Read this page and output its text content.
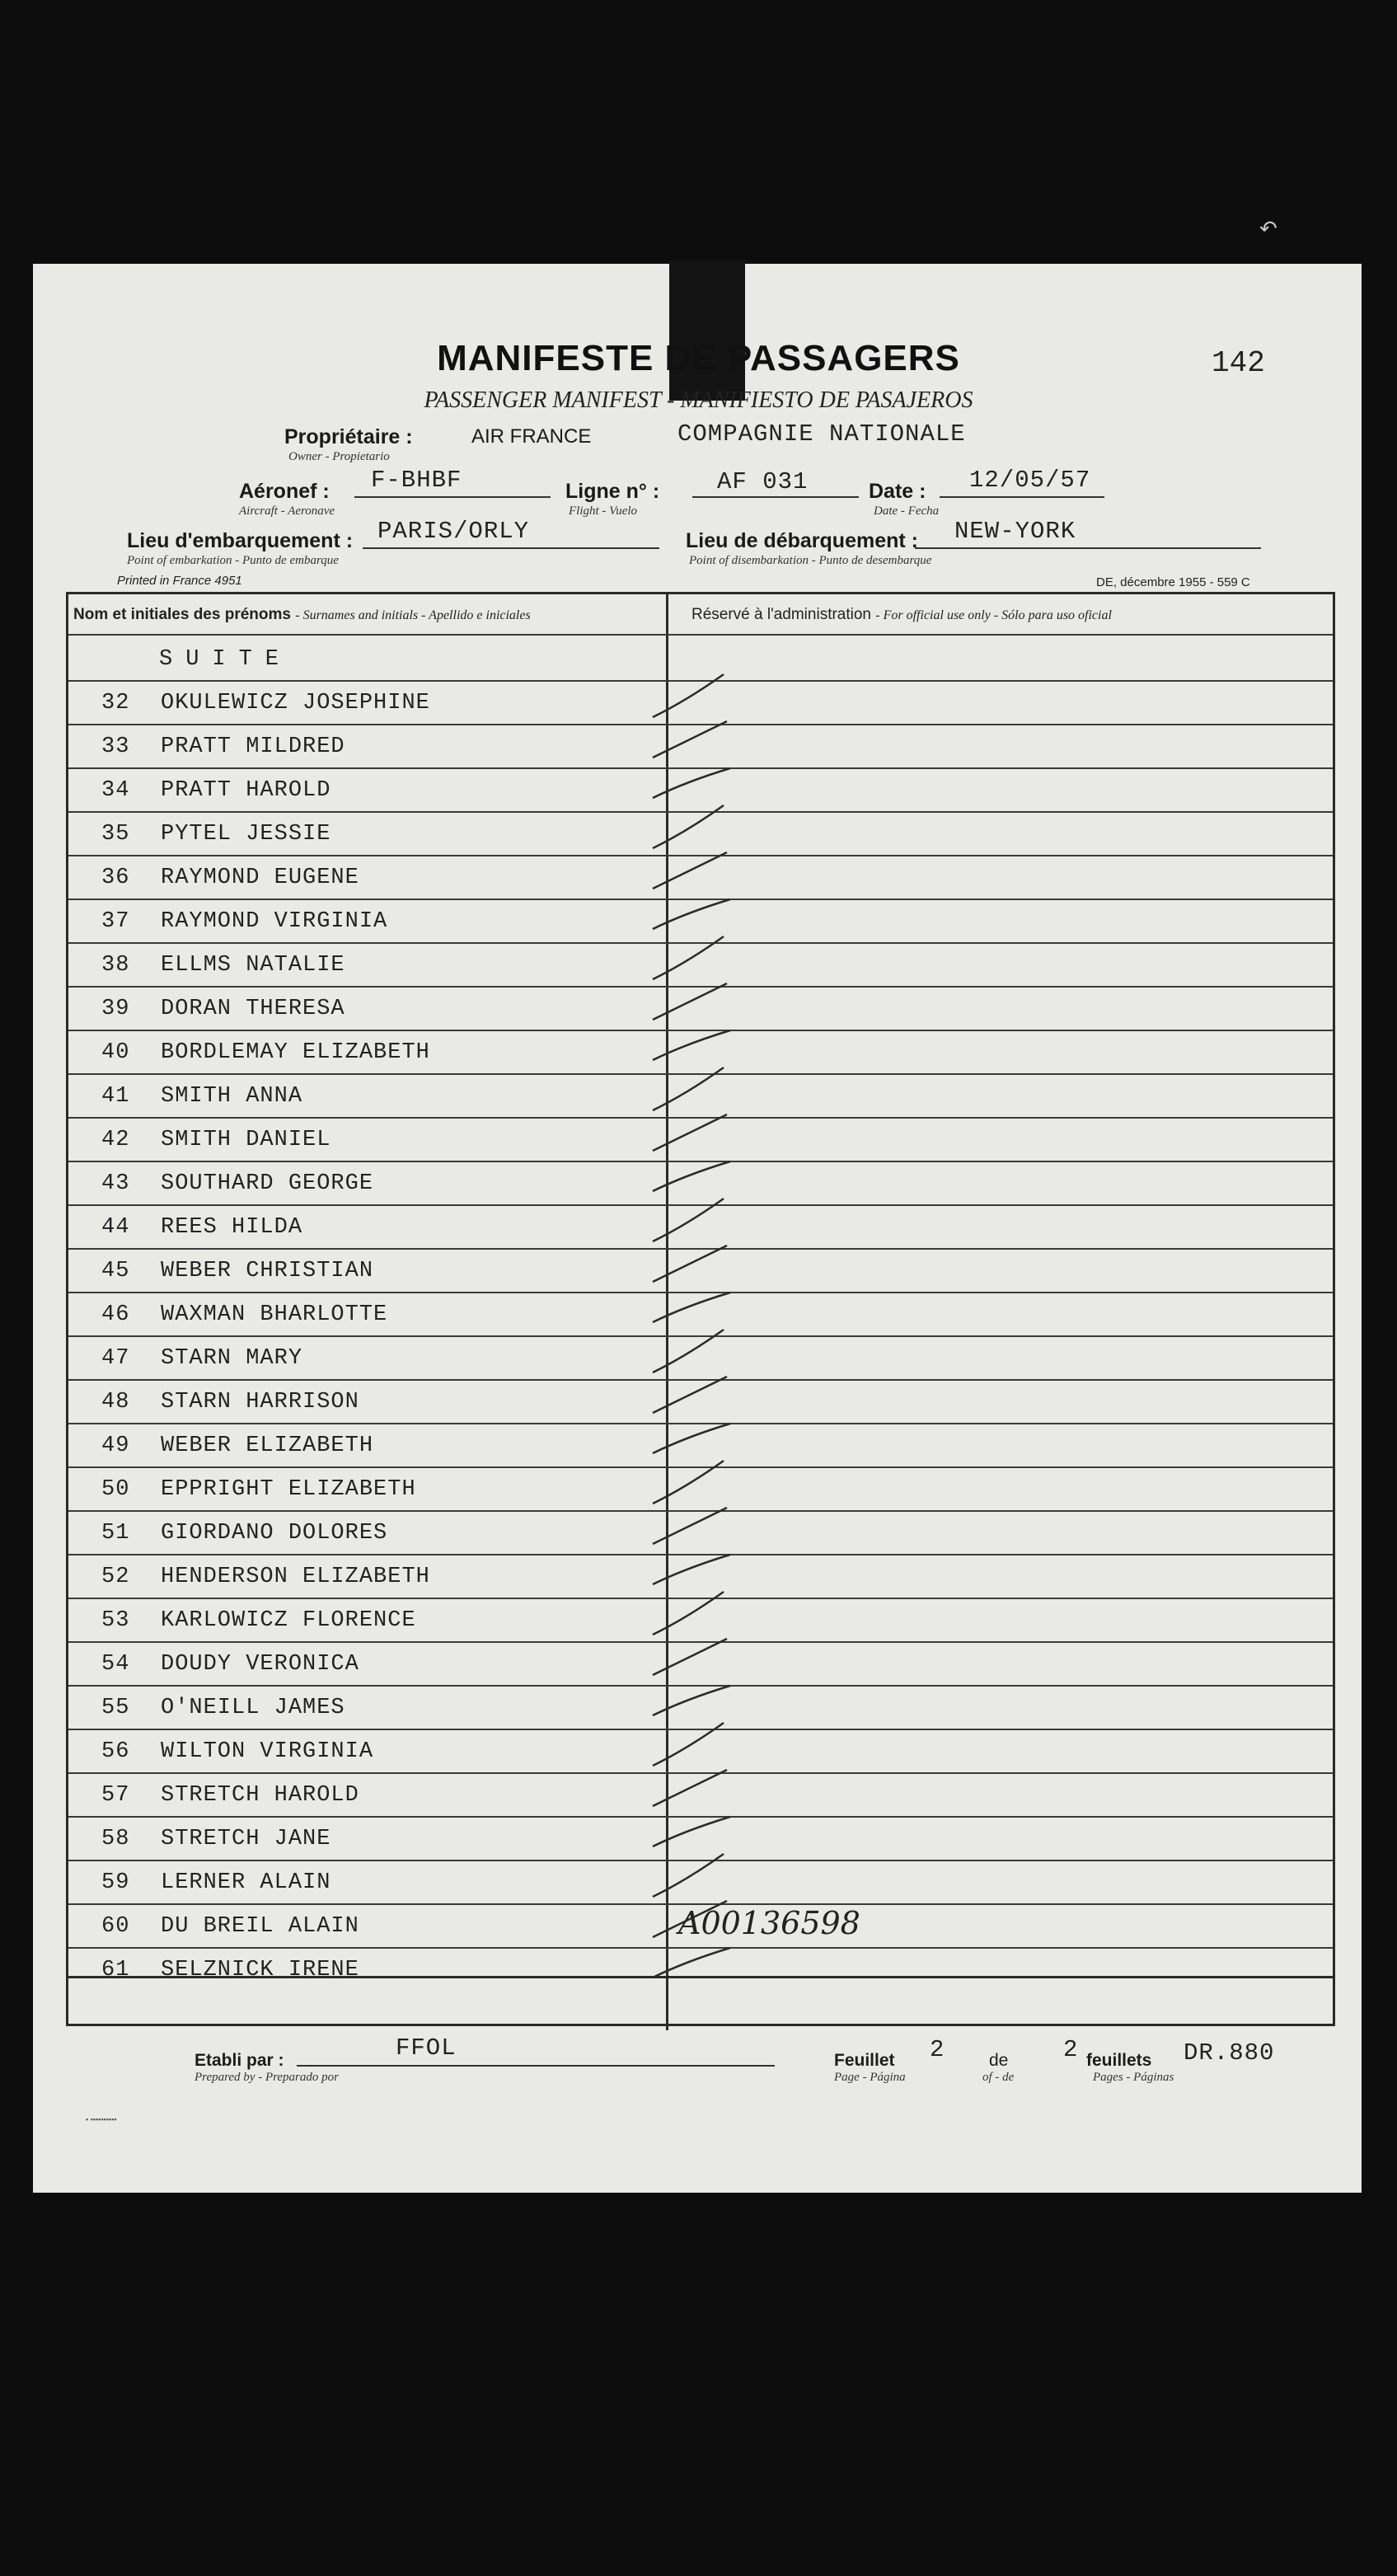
↶
142
MANIFESTE DE PASSAGERS
PASSENGER MANIFEST - MANIFIESTO DE PASAJEROS
Propriétaire :
Owner - Propietario
AIR FRANCE	COMPAGNIE NATIONALE
Aéronef :
Aircraft - Aeronave
F-BHBF	Ligne n° :
Flight - Vuelo
AF 031	Date :
Date - Fecha
12/05/57
Lieu d'embarquement :
Point of embarkation - Punto de embarque
PARIS/ORLY	Lieu de débarquement :
Point of disembarkation - Punto de desembarque
NEW-YORK
Printed in France 4951	DE, décembre 1955 - 559 C
Nom et initiales des prénoms - Surnames and initials - Apellido e iniciales	Réservé à l'administration - For official use only - Sólo para uso oficial
SUITE
32 OKULEWICZ JOSEPHINE
33 PRATT MILDRED
34 PRATT HAROLD
35 PYTEL JESSIE
36 RAYMOND EUGENE
37 RAYMOND VIRGINIA
38 ELLMS NATALIE
39 DORAN THERESA
40 BORDLEMAY ELIZABETH
41 SMITH ANNA
42 SMITH DANIEL
43 SOUTHARD GEORGE
44 REES HILDA
45 WEBER CHRISTIAN
46 WAXMAN BHARLOTTE
47 STARN MARY
48 STARN HARRISON
49 WEBER ELIZABETH
50 EPPRIGHT ELIZABETH
51 GIORDANO DOLORES
52 HENDERSON ELIZABETH
53 KARLOWICZ FLORENCE
54 DOUDY VERONICA
55 O'NEILL JAMES
56 WILTON VIRGINIA
57 STRETCH HAROLD
58 STRETCH JANE
59 LERNER ALAIN
60 DU BREIL ALAIN
61 SELZNICK IRENE
A00136598
Etabli par :
Prepared by - Preparado por
FFOL	Feuillet
Page - Página
2	de
of - de
2 feuillets
Pages - Páginas
DR.880
▪ ▪▪▪▪▪▪▪▪▪▪
